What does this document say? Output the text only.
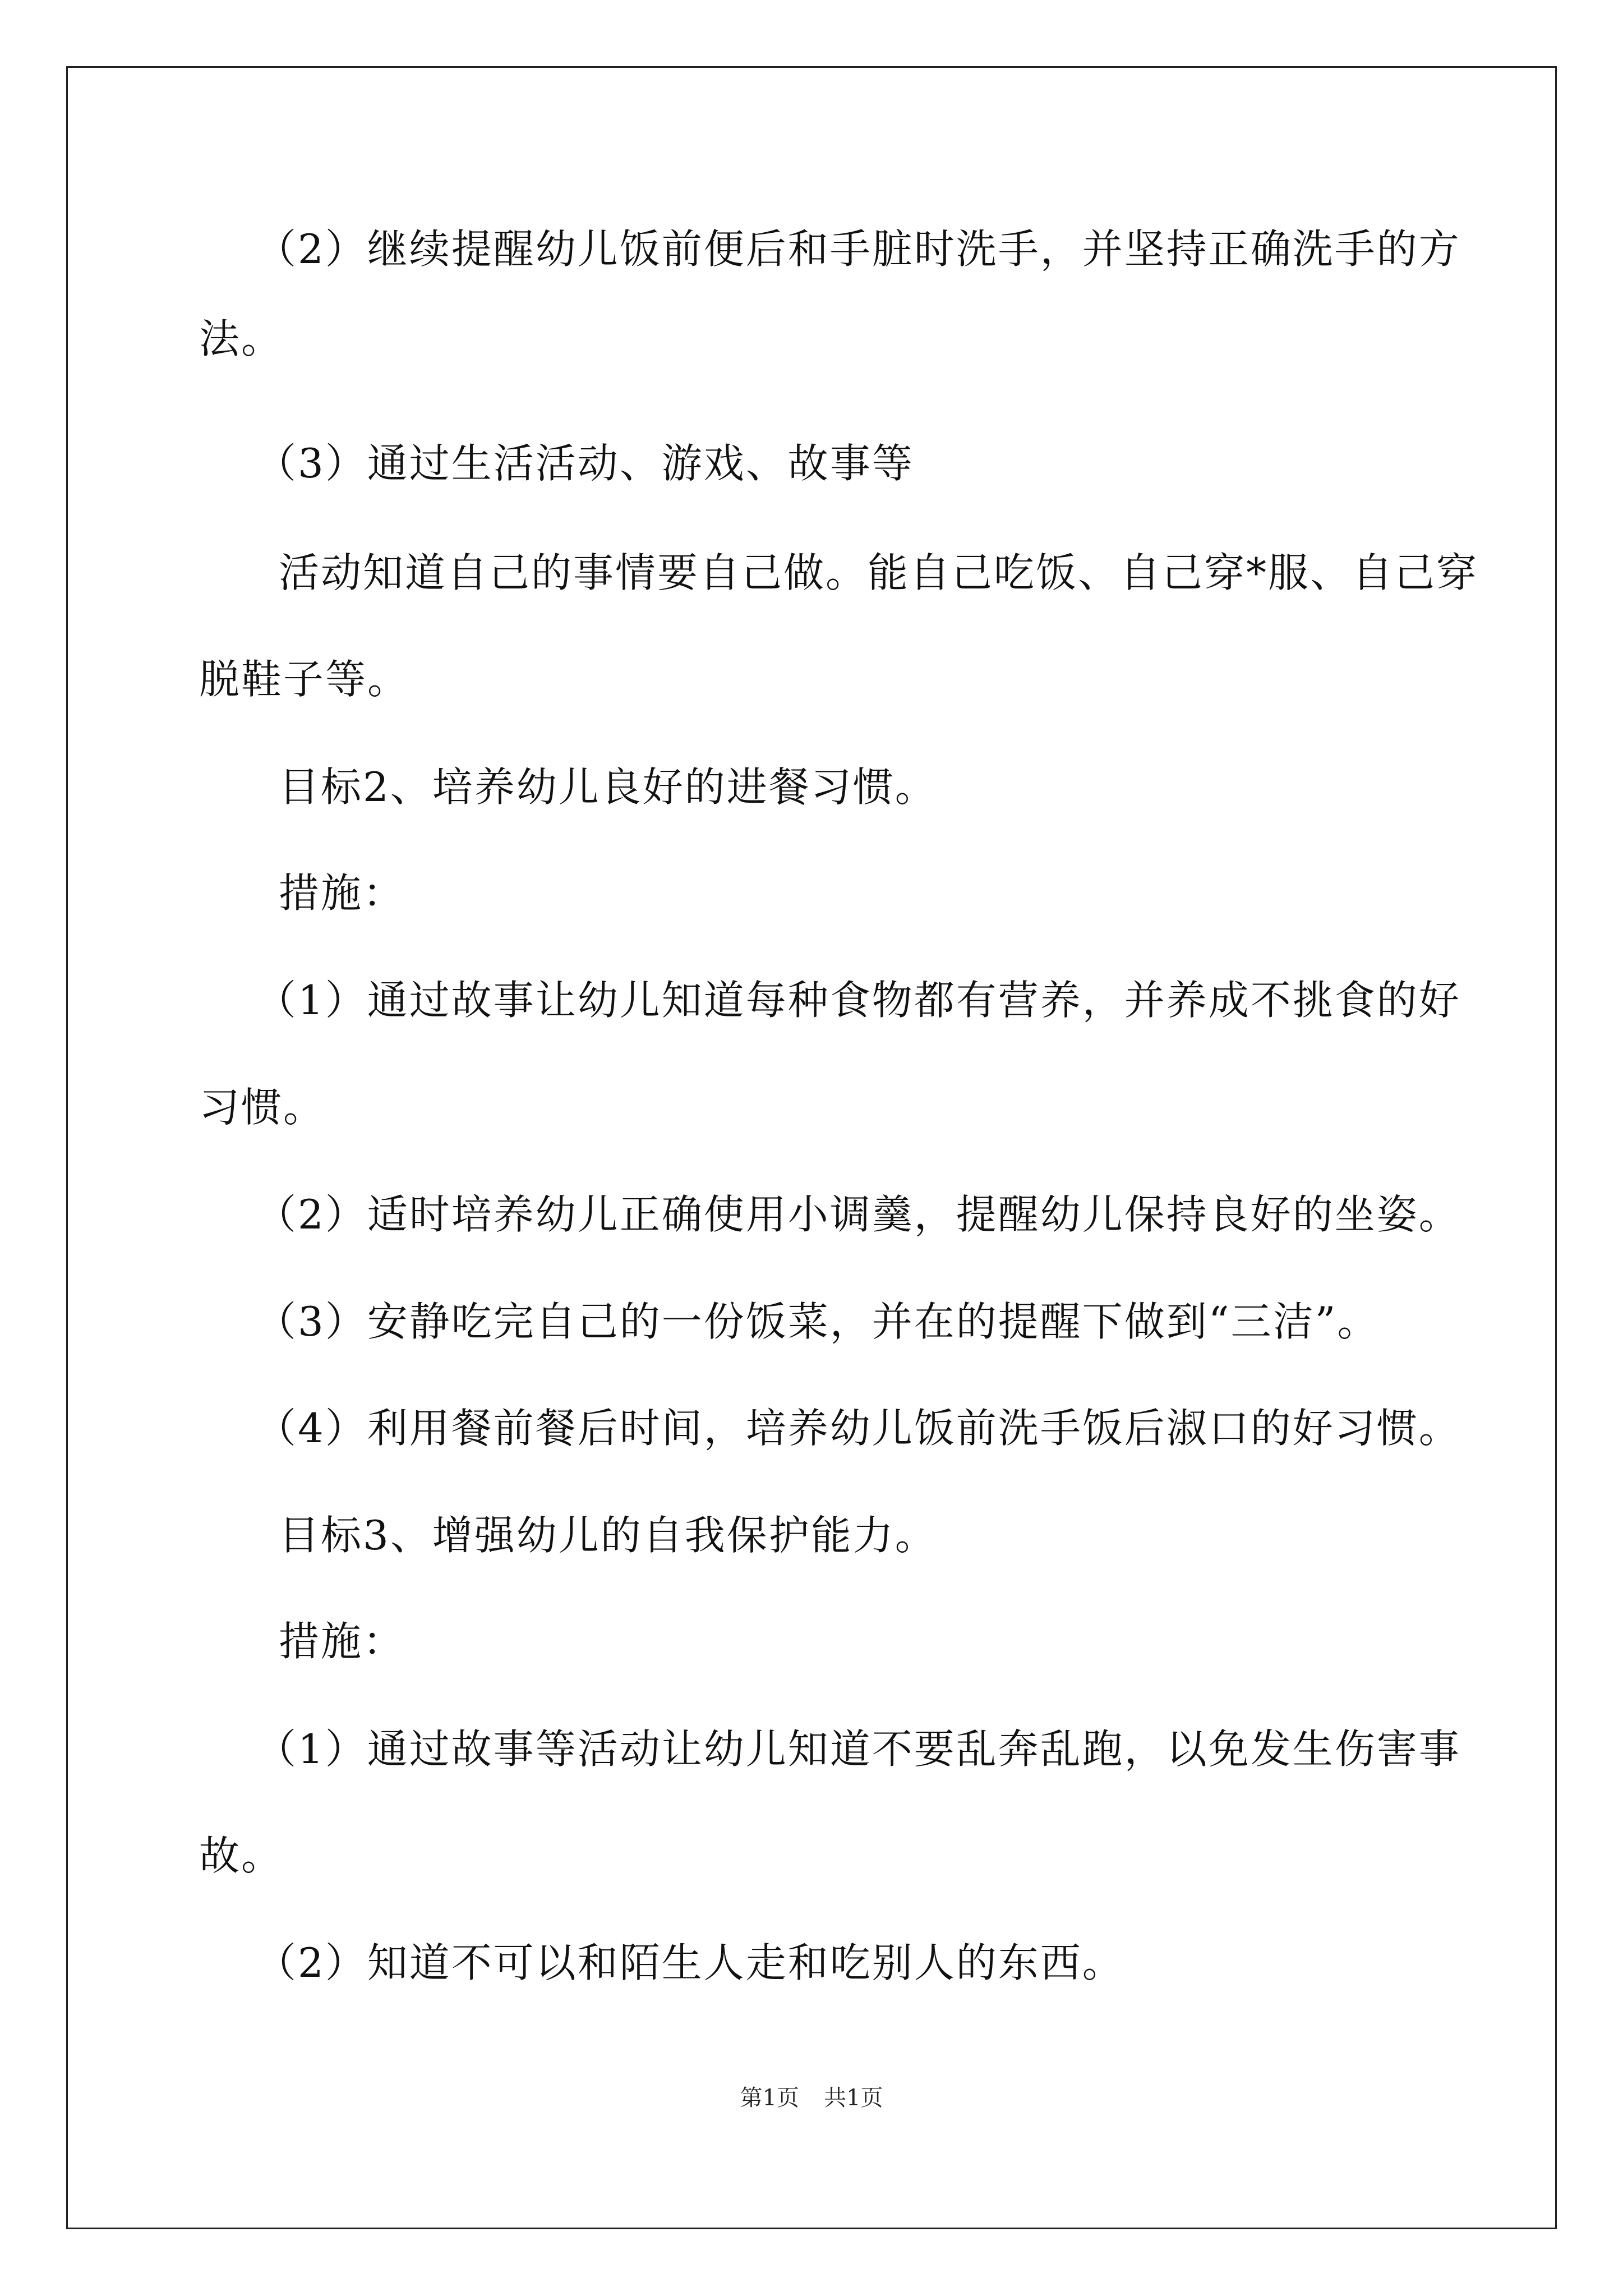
（2）继续提醒幼儿饭前便后和手脏时洗手，并坚持正确洗手的方
法。
（3）通过生活活动、游戏、故事等
活动知道自己的事情要自己做。能自己吃饭、自己穿*服、自己穿
脱鞋子等。
目标2、培养幼儿良好的进餐习惯。
措施：
（1）通过故事让幼儿知道每种食物都有营养，并养成不挑食的好
习惯。
（2）适时培养幼儿正确使用小调羹，提醒幼儿保持良好的坐姿。
（3）安静吃完自己的一份饭菜，并在的提醒下做到“三洁”。
（4）利用餐前餐后时间，培养幼儿饭前洗手饭后淑口的好习惯。
目标3、增强幼儿的自我保护能力。
措施：
（1）通过故事等活动让幼儿知道不要乱奔乱跑，以免发生伤害事
故。
（2）知道不可以和陌生人走和吃别人的东西。
第1页 共1页
